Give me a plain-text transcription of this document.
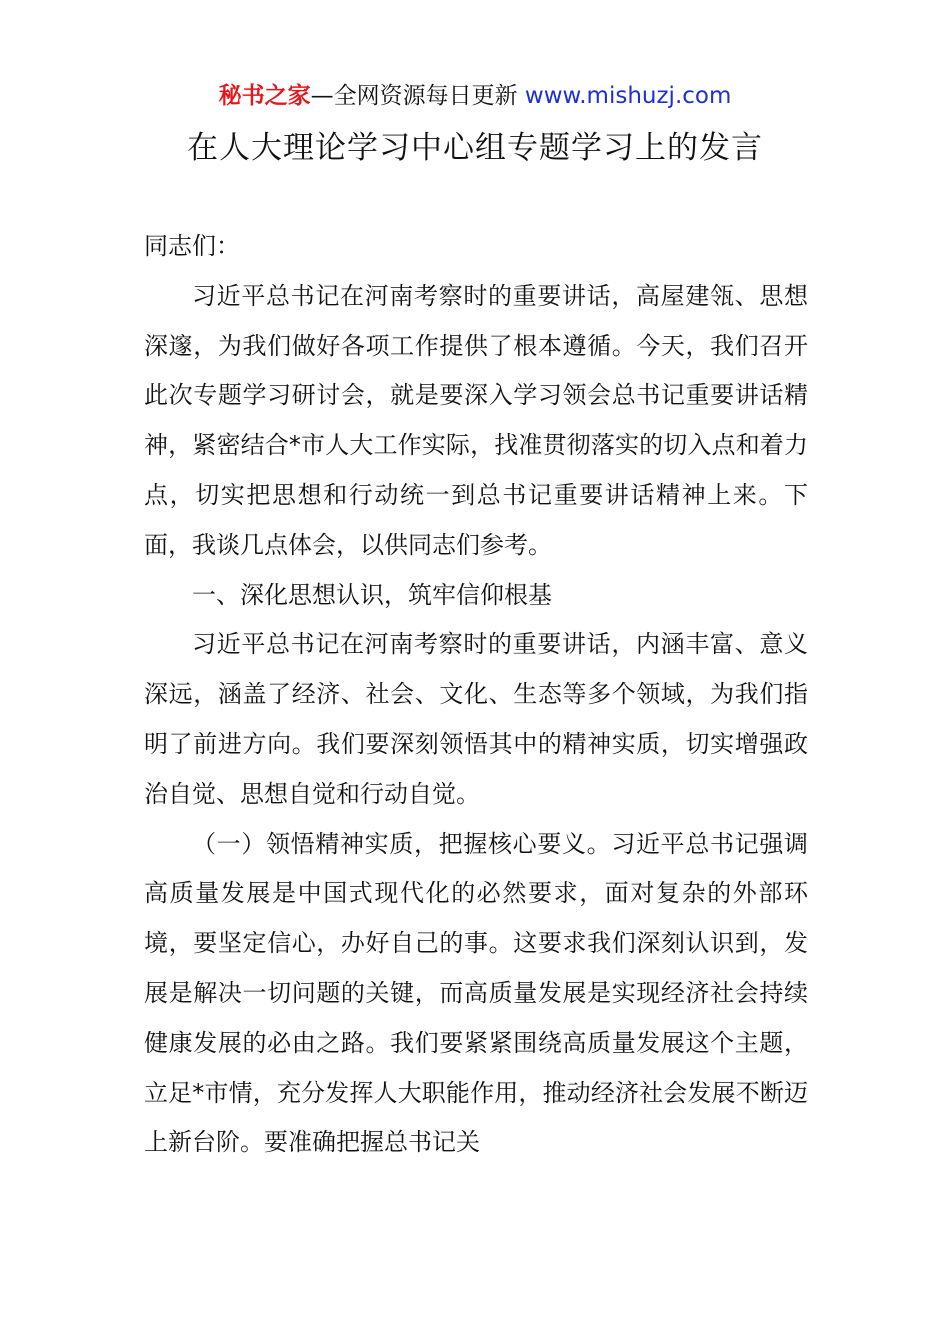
秘书之家—全网资源每日更新 www.mishuzj.com
在人大理论学习中心组专题学习上的发言

同志们：

习近平总书记在河南考察时的重要讲话，高屋建瓴、思想深邃，为我们做好各项工作提供了根本遵循。今天，我们召开此次专题学习研讨会，就是要深入学习领会总书记重要讲话精神，紧密结合*市人大工作实际，找准贯彻落实的切入点和着力点，切实把思想和行动统一到总书记重要讲话精神上来。下面，我谈几点体会，以供同志们参考。

一、深化思想认识，筑牢信仰根基

习近平总书记在河南考察时的重要讲话，内涵丰富、意义深远，涵盖了经济、社会、文化、生态等多个领域，为我们指明了前进方向。我们要深刻领悟其中的精神实质，切实增强政治自觉、思想自觉和行动自觉。

（一）领悟精神实质，把握核心要义。习近平总书记强调高质量发展是中国式现代化的必然要求，面对复杂的外部环境，要坚定信心，办好自己的事。这要求我们深刻认识到，发展是解决一切问题的关键，而高质量发展是实现经济社会持续健康发展的必由之路。我们要紧紧围绕高质量发展这个主题，立足*市情，充分发挥人大职能作用，推动经济社会发展不断迈上新台阶。要准确把握总书记关
